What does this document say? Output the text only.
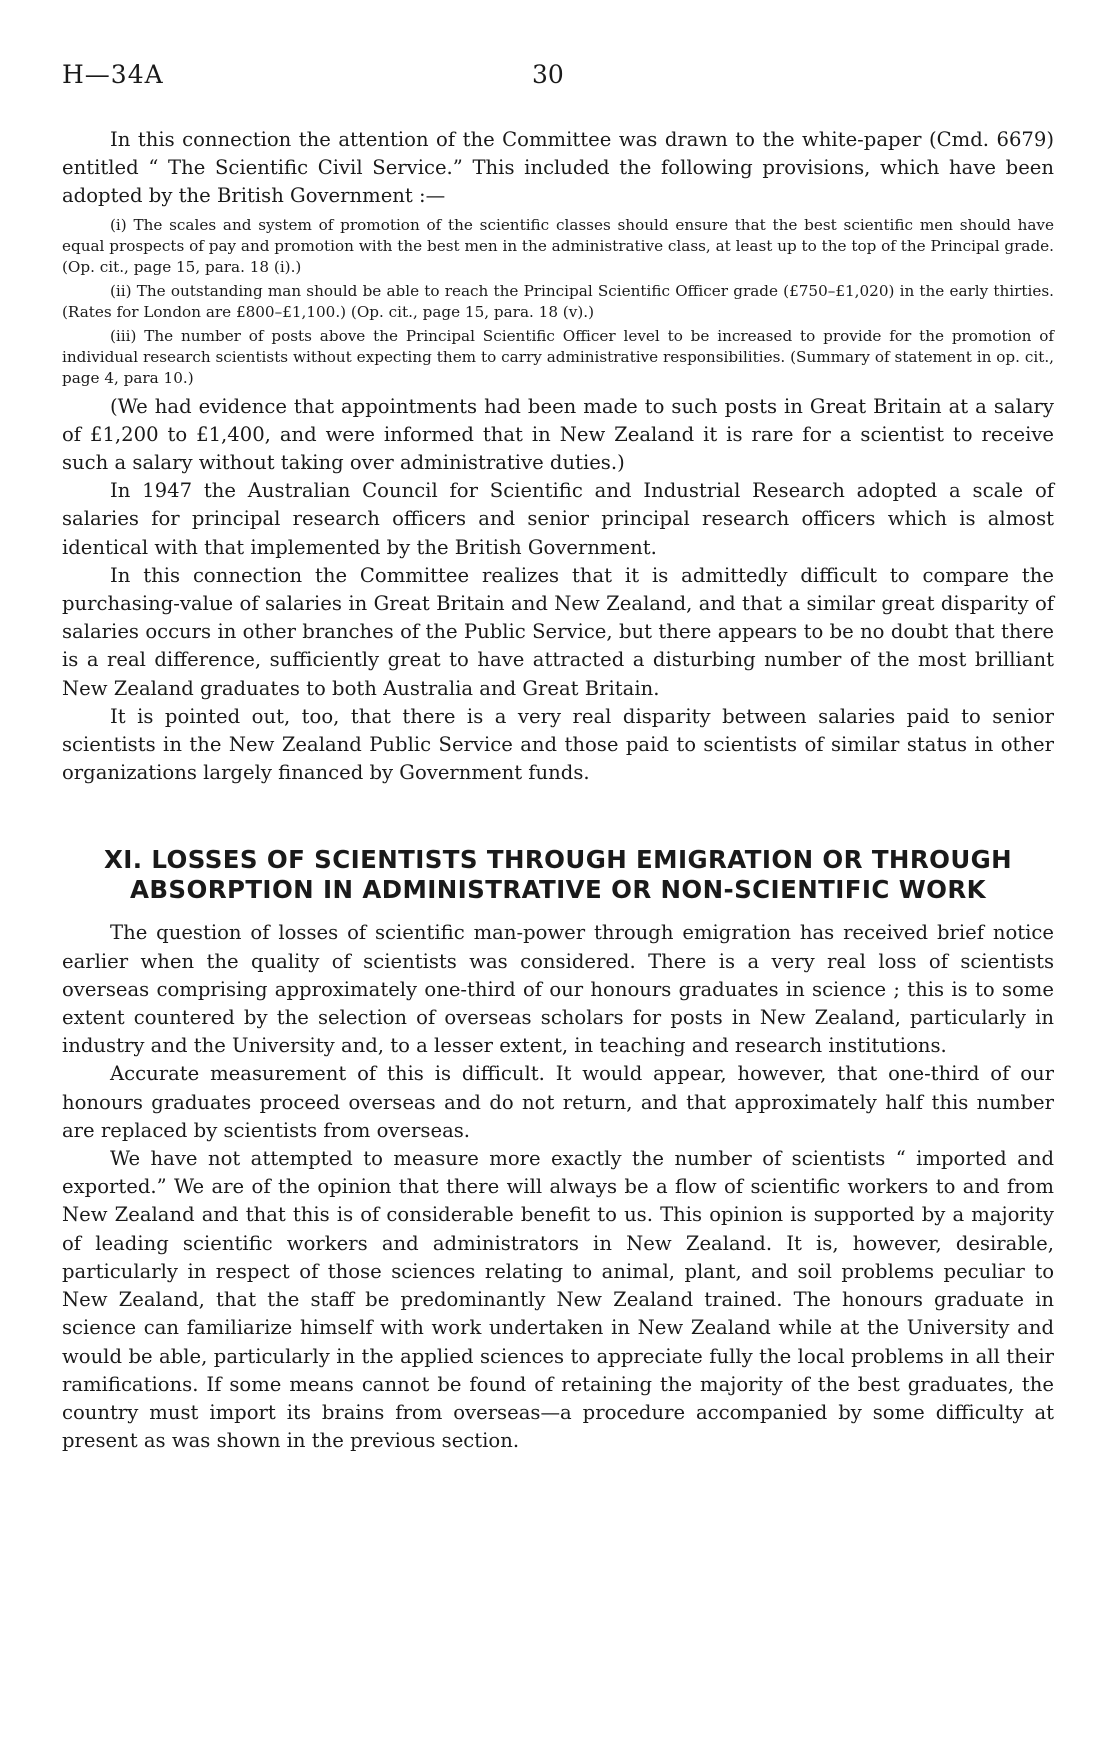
H—34A	30

In this connection the attention of the Committee was drawn to the white-paper (Cmd. 6679) entitled “ The Scientific Civil Service.” This included the following provisions, which have been adopted by the British Government :—

(i) The scales and system of promotion of the scientific classes should ensure that the best scientific men should have equal prospects of pay and promotion with the best men in the administrative class, at least up to the top of the Principal grade. (Op. cit., page 15, para. 18 (i).)

(ii) The outstanding man should be able to reach the Principal Scientific Officer grade (£750–£1,020) in the early thirties. (Rates for London are £800–£1,100.) (Op. cit., page 15, para. 18 (v).)

(iii) The number of posts above the Principal Scientific Officer level to be increased to provide for the promotion of individual research scientists without expecting them to carry administrative responsibilities. (Summary of statement in op. cit., page 4, para 10.)

(We had evidence that appointments had been made to such posts in Great Britain at a salary of £1,200 to £1,400, and were informed that in New Zealand it is rare for a scientist to receive such a salary without taking over administrative duties.)

In 1947 the Australian Council for Scientific and Industrial Research adopted a scale of salaries for principal research officers and senior principal research officers which is almost identical with that implemented by the British Government.

In this connection the Committee realizes that it is admittedly difficult to compare the purchasing-value of salaries in Great Britain and New Zealand, and that a similar great disparity of salaries occurs in other branches of the Public Service, but there appears to be no doubt that there is a real difference, sufficiently great to have attracted a disturbing number of the most brilliant New Zealand graduates to both Australia and Great Britain.

It is pointed out, too, that there is a very real disparity between salaries paid to senior scientists in the New Zealand Public Service and those paid to scientists of similar status in other organizations largely financed by Government funds.

XI. LOSSES OF SCIENTISTS THROUGH EMIGRATION OR THROUGH
ABSORPTION IN ADMINISTRATIVE OR NON-SCIENTIFIC WORK

The question of losses of scientific man-power through emigration has received brief notice earlier when the quality of scientists was considered. There is a very real loss of scientists overseas comprising approximately one-third of our honours graduates in science ; this is to some extent countered by the selection of overseas scholars for posts in New Zealand, particularly in industry and the University and, to a lesser extent, in teaching and research institutions.

Accurate measurement of this is difficult. It would appear, however, that one-third of our honours graduates proceed overseas and do not return, and that approximately half this number are replaced by scientists from overseas.

We have not attempted to measure more exactly the number of scientists “ imported and exported.” We are of the opinion that there will always be a flow of scientific workers to and from New Zealand and that this is of considerable benefit to us. This opinion is supported by a majority of leading scientific workers and administrators in New Zealand. It is, however, desirable, particularly in respect of those sciences relating to animal, plant, and soil problems peculiar to New Zealand, that the staff be predominantly New Zealand trained. The honours graduate in science can familiarize himself with work undertaken in New Zealand while at the University and would be able, particularly in the applied sciences to appreciate fully the local problems in all their ramifications. If some means cannot be found of retaining the majority of the best graduates, the country must import its brains from overseas—a procedure accompanied by some difficulty at present as was shown in the previous section.
